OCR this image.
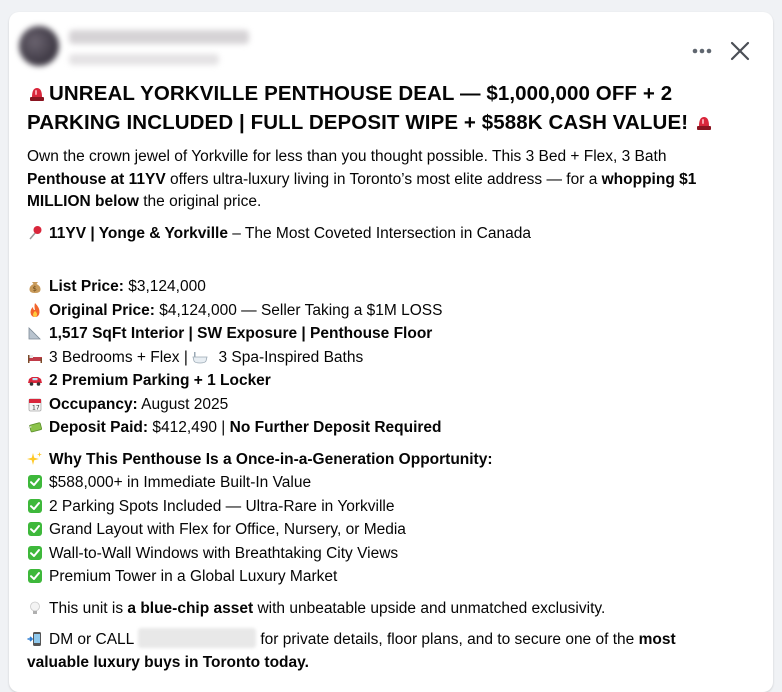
UNREAL YORKVILLE PENTHOUSE DEAL — $1,000,000 OFF + 2 PARKING INCLUDED | FULL DEPOSIT WIPE + $588K CASH VALUE!
Own the crown jewel of Yorkville for less than you thought possible. This 3 Bed + Flex, 3 Bath
Penthouse at 11YV offers ultra-luxury living in Toronto’s most elite address — for a whopping $1
MILLION below the original price.
11YV | Yonge & Yorkville – The Most Coveted Intersection in Canada
$ List Price: $3,124,000
Original Price: $4,124,000 — Seller Taking a $1M LOSS
1,517 SqFt Interior | SW Exposure | Penthouse Floor
3 Bedrooms + Flex |  3 Spa-Inspired Baths
2 Premium Parking + 1 Locker
17 Occupancy: August 2025
Deposit Paid: $412,490 | No Further Deposit Required
Why This Penthouse Is a Once-in-a-Generation Opportunity:
$588,000+ in Immediate Built-In Value
2 Parking Spots Included — Ultra-Rare in Yorkville
Grand Layout with Flex for Office, Nursery, or Media
Wall-to-Wall Windows with Breathtaking City Views
Premium Tower in a Global Luxury Market
This unit is a blue-chip asset with unbeatable upside and unmatched exclusivity.
DM or CALL	for private details, floor plans, and to secure one of the most
valuable luxury buys in Toronto today.
